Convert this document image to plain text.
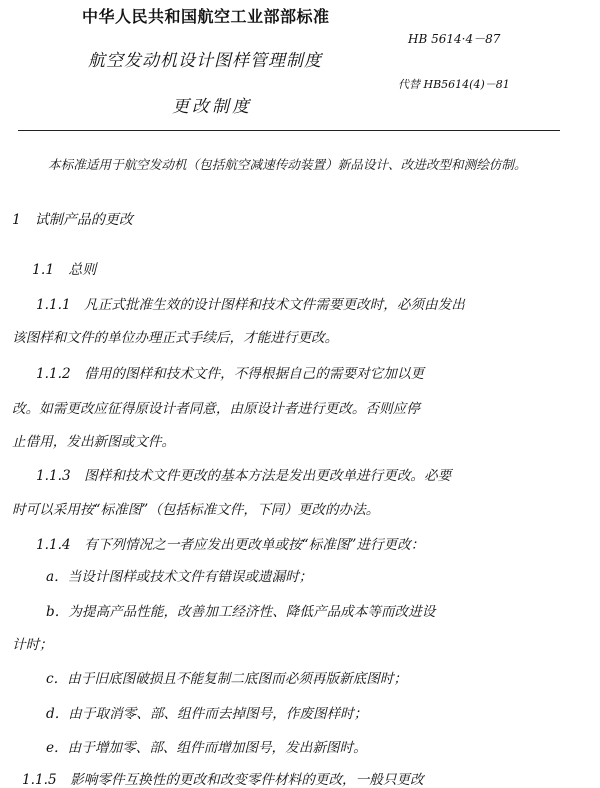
中华人民共和国航空工业部部标准
航空发动机设计图样管理制度
更改制度
HB 5614·4－87
代替 HB5614(4)－81
本标准适用于航空发动机（包括航空减速传动装置）新品设计、改进改型和测绘仿制。
1　试制产品的更改
1.1　总则
1.1.1　凡正式批准生效的设计图样和技术文件需要更改时，必须由发出
该图样和文件的单位办理正式手续后，才能进行更改。
1.1.2　借用的图样和技术文件，不得根据自己的需要对它加以更
改。如需更改应征得原设计者同意，由原设计者进行更改。否则应停
止借用，发出新图或文件。
1.1.3　图样和技术文件更改的基本方法是发出更改单进行更改。必要
时可以采用按“标准图”（包括标准文件，下同）更改的办法。
1.1.4　有下列情况之一者应发出更改单或按“标准图”进行更改：
a．当设计图样或技术文件有错误或遗漏时；
b．为提高产品性能，改善加工经济性、降低产品成本等而改进设
计时；
c．由于旧底图破损且不能复制二底图而必须再版新底图时；
d．由于取消零、部、组件而去掉图号，作废图样时；
e．由于增加零、部、组件而增加图号，发出新图时。
1.1.5　影响零件互换性的更改和改变零件材料的更改，一般只更改
